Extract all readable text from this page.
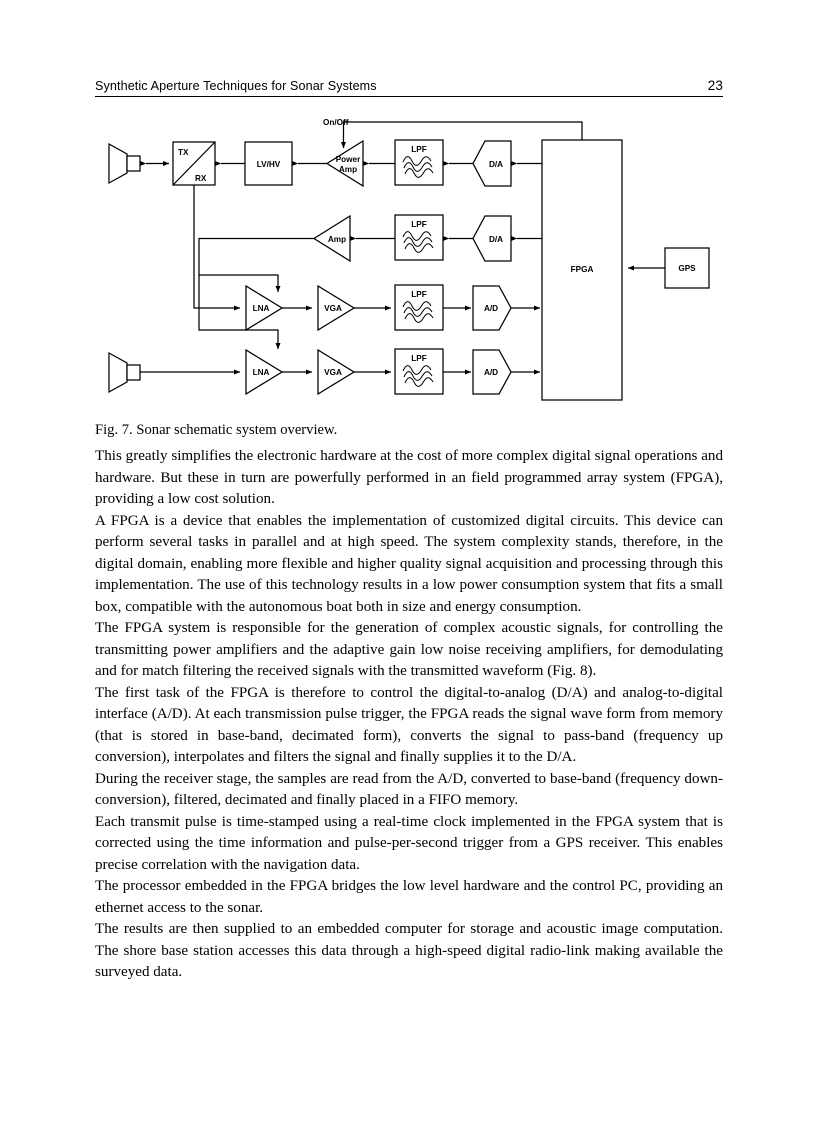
Synthetic Aperture Techniques for Sonar Systems	23
TX
RX
LV/HV
On/Off
Power
Amp
LPF
D/A
Amp
LPF
D/A
LNA	VGA
LPF
A/D
LNA	VGA
LPF
A/D
FPGA	GPS
Fig. 7. Sonar schematic system overview.

This greatly simplifies the electronic hardware at the cost of more complex digital signal operations and hardware. But these in turn are powerfully performed in an field programmed array system (FPGA), providing a low cost solution.

A FPGA is a device that enables the implementation of customized digital circuits. This device can perform several tasks in parallel and at high speed. The system complexity stands, therefore, in the digital domain, enabling more flexible and higher quality signal acquisition and processing through this implementation. The use of this technology results in a low power consumption system that fits a small box, compatible with the autonomous boat both in size and energy consumption.

The FPGA system is responsible for the generation of complex acoustic signals, for controlling the transmitting power amplifiers and the adaptive gain low noise receiving amplifiers, for demodulating and for match filtering the received signals with the transmitted waveform (Fig. 8).

The first task of the FPGA is therefore to control the digital-to-analog (D/A) and analog-to-digital interface (A/D). At each transmission pulse trigger, the FPGA reads the signal wave form from memory (that is stored in base-band, decimated form), converts the signal to pass-band (frequency up conversion), interpolates and filters the signal and finally supplies it to the D/A.

During the receiver stage, the samples are read from the A/D, converted to base-band (frequency down-conversion), filtered, decimated and finally placed in a FIFO memory.

Each transmit pulse is time-stamped using a real-time clock implemented in the FPGA system that is corrected using the time information and pulse-per-second trigger from a GPS receiver. This enables precise correlation with the navigation data.

The processor embedded in the FPGA bridges the low level hardware and the control PC, providing an ethernet access to the sonar.

The results are then supplied to an embedded computer for storage and acoustic image computation. The shore base station accesses this data through a high-speed digital radio-link making available the surveyed data.
